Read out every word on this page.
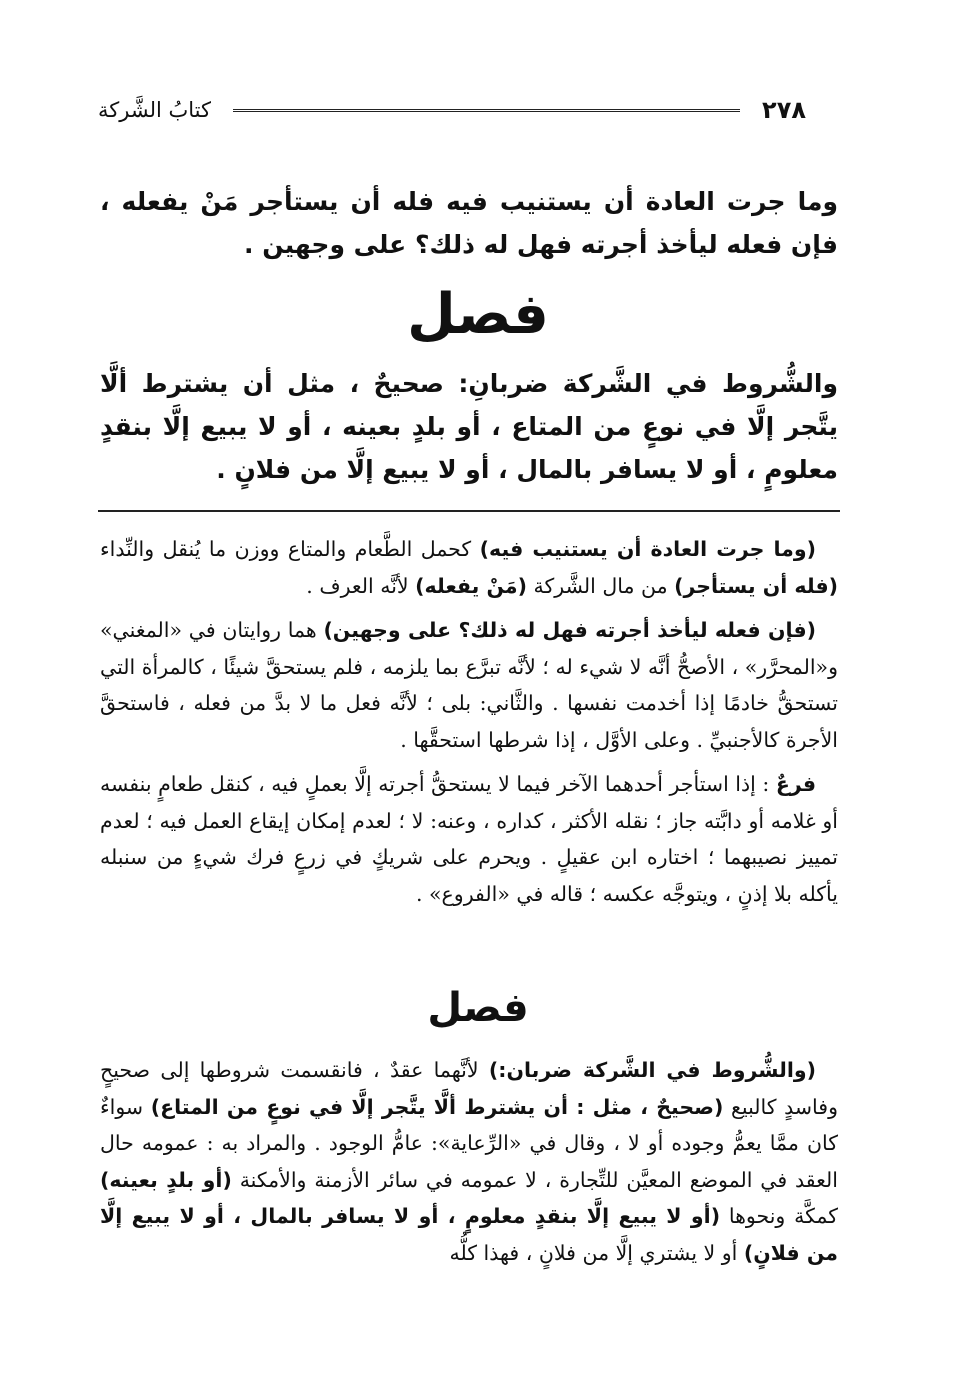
٢٧٨
كتابُ الشَّركة

وما جرت العادة أن يستنيب فيه فله أن يستأجر مَنْ يفعله ، فإن فعله ليأخذ أجرته فهل له ذلك؟ على وجهين .

فصل

والشُّروط في الشَّركة ضربانِ: صحيحٌ ، مثل أن يشترط ألَّا يتَّجر إلَّا في نوعٍ من المتاع ، أو بلدٍ بعينه ، أو لا يبيع إلَّا بنقدٍ معلومٍ ، أو لا يسافر بالمال ، أو لا يبيع إلَّا من فلانٍ .

(وما جرت العادة أن يستنيب فيه) كحمل الطَّعام والمتاع ووزن ما يُنقل والنِّداء (فله أن يستأجر) من مال الشَّركة (مَنْ يفعله) لأنَّه العرف .

(فإن فعله ليأخذ أجرته فهل له ذلك؟ على وجهين) هما روايتان في «المغني» و«المحرَّر» ، الأصحُّ أنَّه لا شيء له ؛ لأنَّه تبرَّع بما يلزمه ، فلم يستحقَّ شيئًا ، كالمرأة التي تستحقُّ خادمًا إذا أخدمت نفسها . والثَّاني: بلى ؛ لأنَّه فعل ما لا بدَّ من فعله ، فاستحقَّ الأجرة كالأجنبيِّ . وعلى الأوَّل ، إذا شرطها استحقَّها .

فرعٌ : إذا استأجر أحدهما الآخر فيما لا يستحقُّ أجرته إلَّا بعملٍ فيه ، كنقل طعامٍ بنفسه أو غلامه أو دابَّته جاز ؛ نقله الأكثر ، كداره ، وعنه: لا ؛ لعدم إمكان إيقاع العمل فيه ؛ لعدم تمييز نصيبهما ؛ اختاره ابن عقيلٍ . ويحرم على شريكٍ في زرعٍ فرك شيءٍ من سنبله يأكله بلا إذنٍ ، ويتوجَّه عكسه ؛ قاله في «الفروع» .

فصل

(والشُّروط في الشَّركة ضربان:) لأنَّهما عقدٌ ، فانقسمت شروطها إلى صحيحٍ وفاسدٍ كالبيع (صحيحٌ ، مثل : أن يشترط ألَّا يتَّجر إلَّا في نوعٍ من المتاع) سواءٌ كان ممَّا يعمُّ وجوده أو لا ، وقال في «الرِّعاية»: عامُّ الوجود . والمراد به : عمومه حال العقد في الموضع المعيَّن للتِّجارة ، لا عمومه في سائر الأزمنة والأمكنة (أو بلدٍ بعينه) كمكَّة ونحوها (أو لا يبيع إلَّا بنقدٍ معلومٍ ، أو لا يسافر بالمال ، أو لا يبيع إلَّا من فلانٍ) أو لا يشتري إلَّا من فلانٍ ، فهذا كلُّه
